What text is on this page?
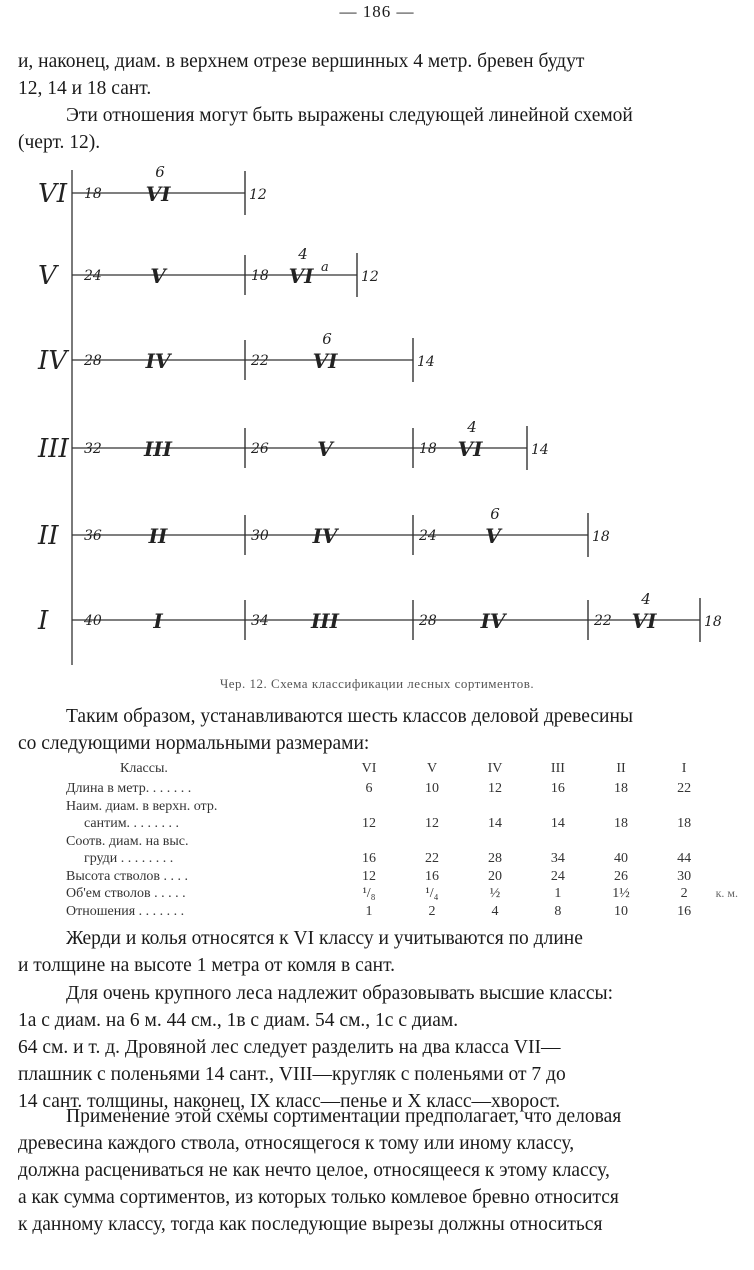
— 186 —

и, наконец, диам. в верхнем отрезе вершинных 4 метр. бревен будут
12, 14 и 18 сант.

Эти отношения могут быть выражены следующей линейной схемой
(черт. 12).

VI 18 VI
6
12
V 24 V	18 VI
4
a
12
IV 28 IV	22 VI
6
14
III 32 III	26 V	18 VI
4
14
II 36 II	30 IV	24 V
6
18
I	40	I	34 III	28 IV	22 VI
4
18
Чер. 12. Схема классификации лесных сортиментов.

Таким образом, устанавливаются шесть классов деловой древесины
со следующими нормальными размерами:

Классы.	VI	V	IV	III	II	I	
Длина в метр. . . . . . .	6	10	12	16	18	22	
Наим. диам. в верхн. отр.							
сантим. . . . . . . .	12	12	14	14	18	18	
Соотв. диам. на выс.							
груди . . . . . . . .	16	22	28	34	40	44	
Высота стволов . . . .	12	16	20	24	26	30	
Об'ем стволов . . . . .	¹/₈	¹/₄	½	1	1½	2	к. м.
Отношения . . . . . . .	1	2	4	8	10	16	

Жерди и колья относятся к VI классу и учитываются по длине
и толщине на высоте 1 метра от комля в сант.

Для очень крупного леса надлежит образовывать высшие классы:
1а с диам. на 6 м. 44 см., 1в с диам. 54 см., 1с с диам.
64 см. и т. д. Дровяной лес следует разделить на два класса VII—
плашник с поленьями 14 сант., VIII—кругляк с поленьями от 7 до
14 сант. толщины, наконец, IX класс—пенье и X класс—хворост.

Применение этой схемы сортиментации предполагает, что деловая
древесина каждого ствола, относящегося к тому или иному классу,
должна расцениваться не как нечто целое, относящееся к этому классу,
а как сумма сортиментов, из которых только комлевое бревно относится
к данному классу, тогда как последующие вырезы должны относиться
